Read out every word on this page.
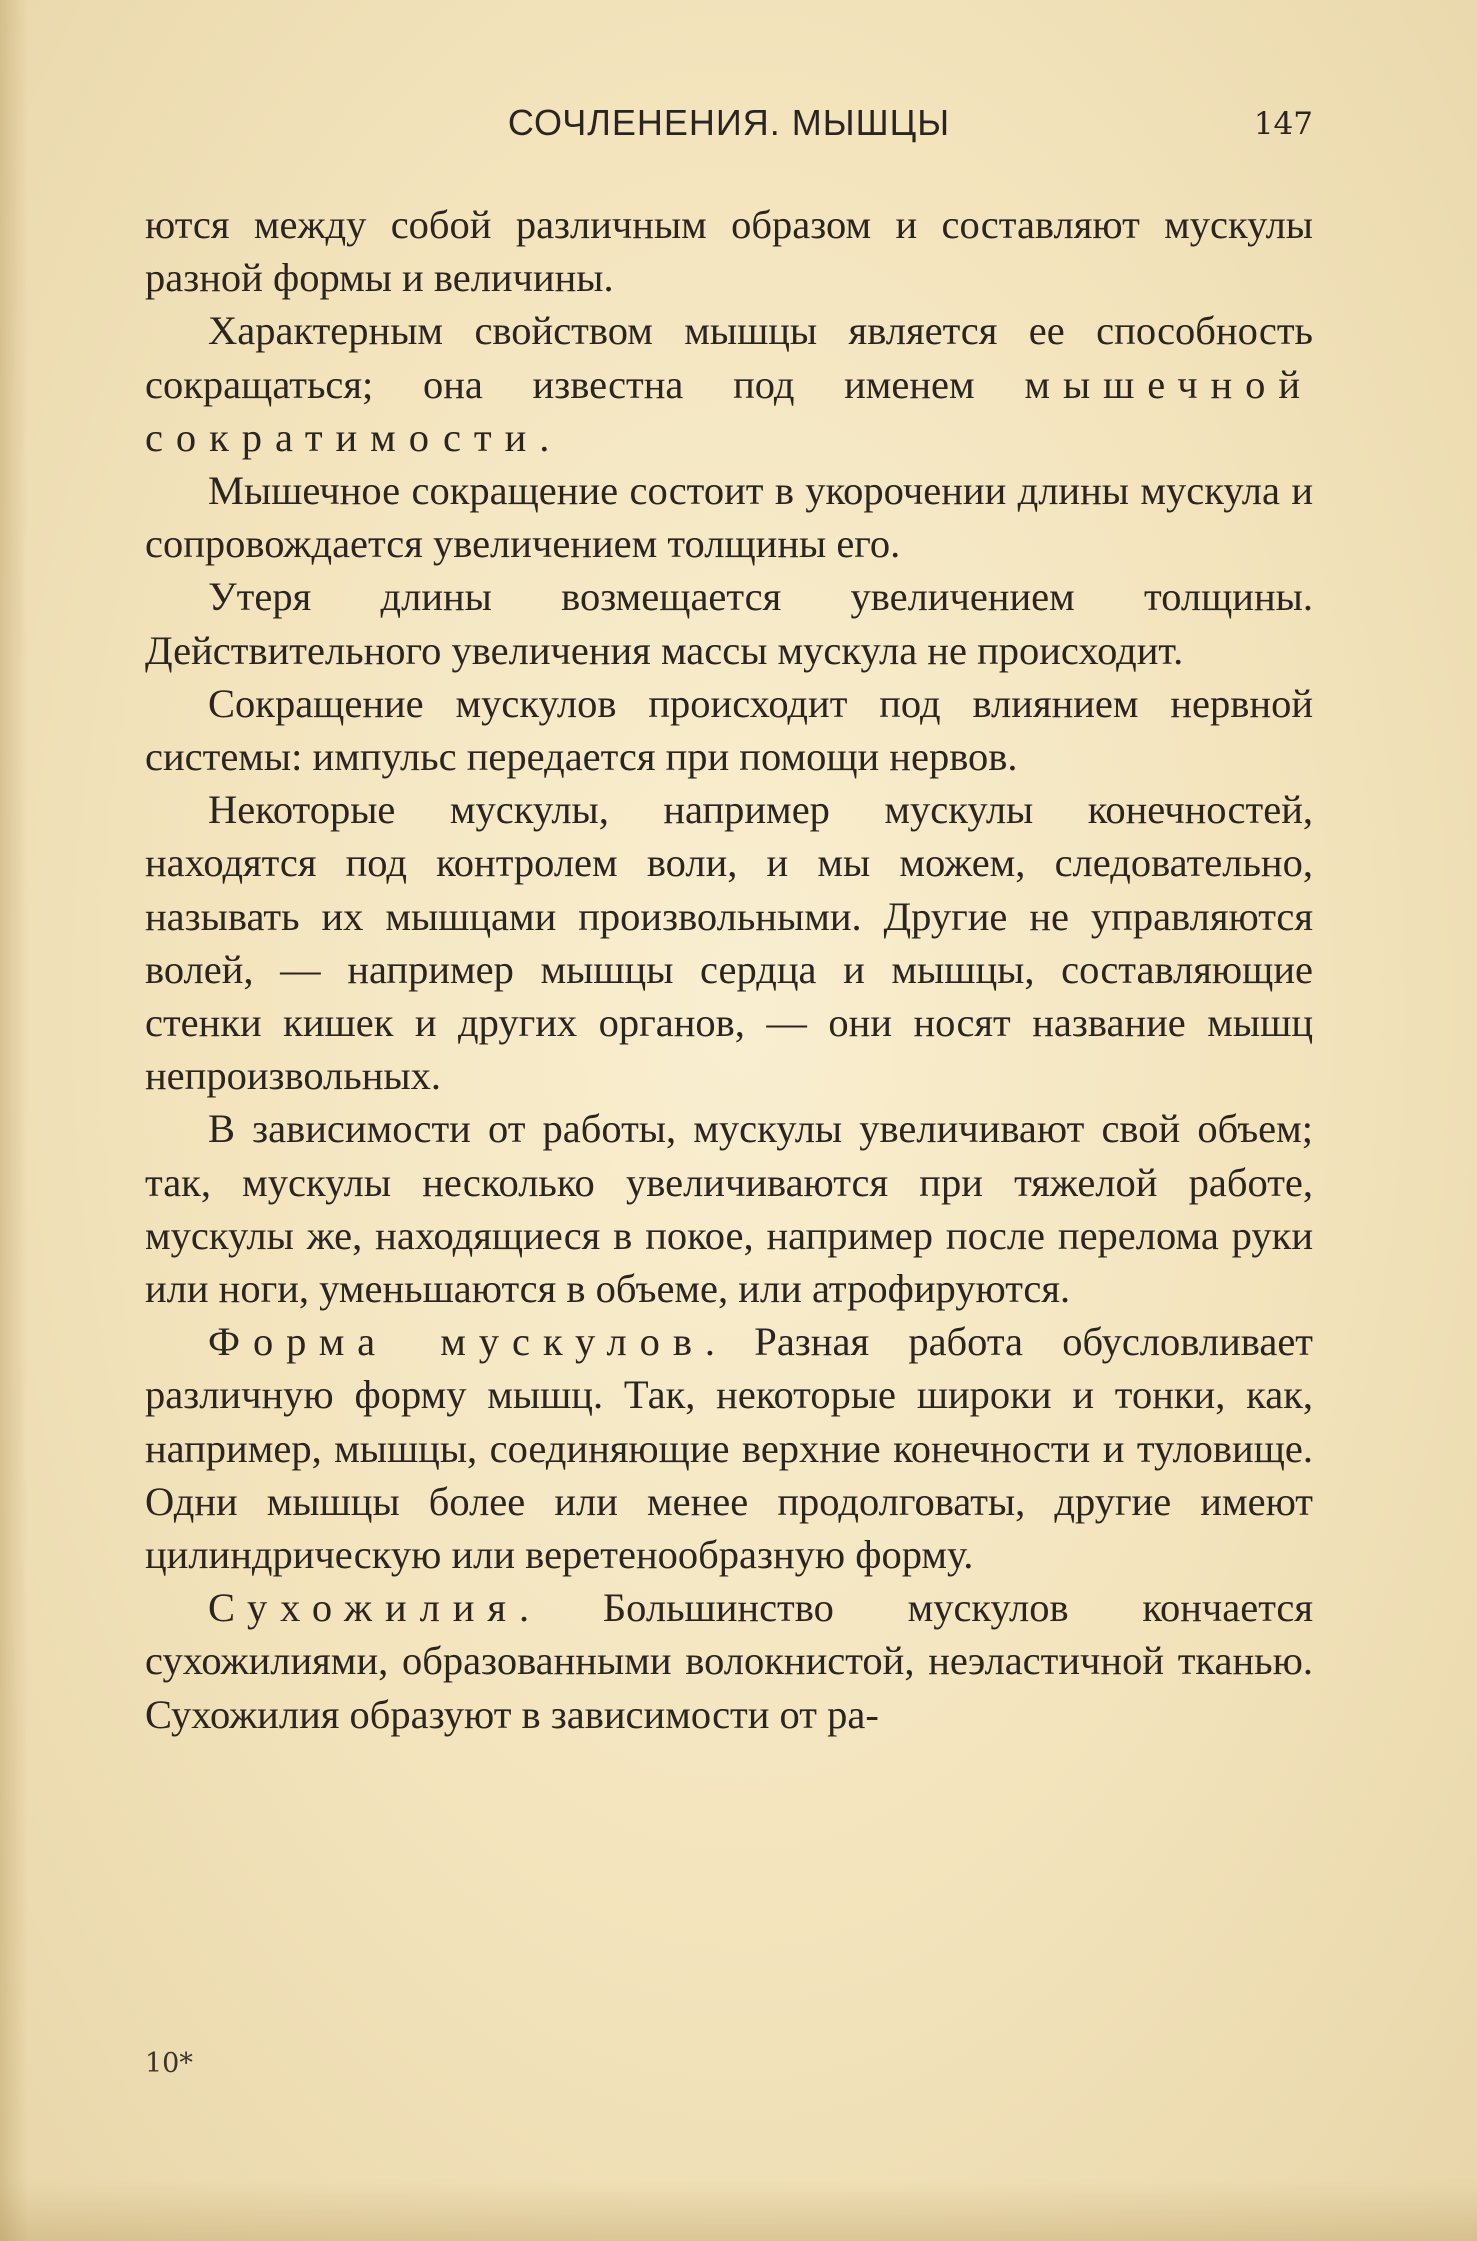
СОЧЛЕНЕНИЯ. МЫШЦЫ	147

ются между собой различным образом и составляют мускулы разной формы и величины.

Характерным свойством мышцы является ее способность сокращаться; она известна под именем мышечной сократимости.

Мышечное сокращение состоит в укорочении длины мускула и сопровождается увеличением толщины его.

Утеря длины возмещается увеличением толщины. Действительного увеличения массы мускула не происходит.

Сокращение мускулов происходит под влиянием нервной системы: импульс передается при помощи нервов.

Некоторые мускулы, например мускулы конечностей, находятся под контролем воли, и мы можем, следовательно, называть их мышцами произвольными. Другие не управляются волей, — например мышцы сердца и мышцы, составляющие стенки кишек и других органов, — они носят название мышц непроизвольных.

В зависимости от работы, мускулы увеличивают свой объем; так, мускулы несколько увеличиваются при тяжелой работе, мускулы же, находящиеся в покое, например после перелома руки или ноги, уменьшаются в объеме, или атрофируются.

Форма мускулов. Разная работа обусловливает различную форму мышц. Так, некоторые широки и тонки, как, например, мышцы, соединяющие верхние конечности и туловище. Одни мышцы более или менее продолговаты, другие имеют цилиндрическую или веретенообразную форму.

Сухожилия. Большинство мускулов кончается сухожилиями, образованными волокнистой, неэластичной тканью. Сухожилия образуют в зависимости от ра-

10*
